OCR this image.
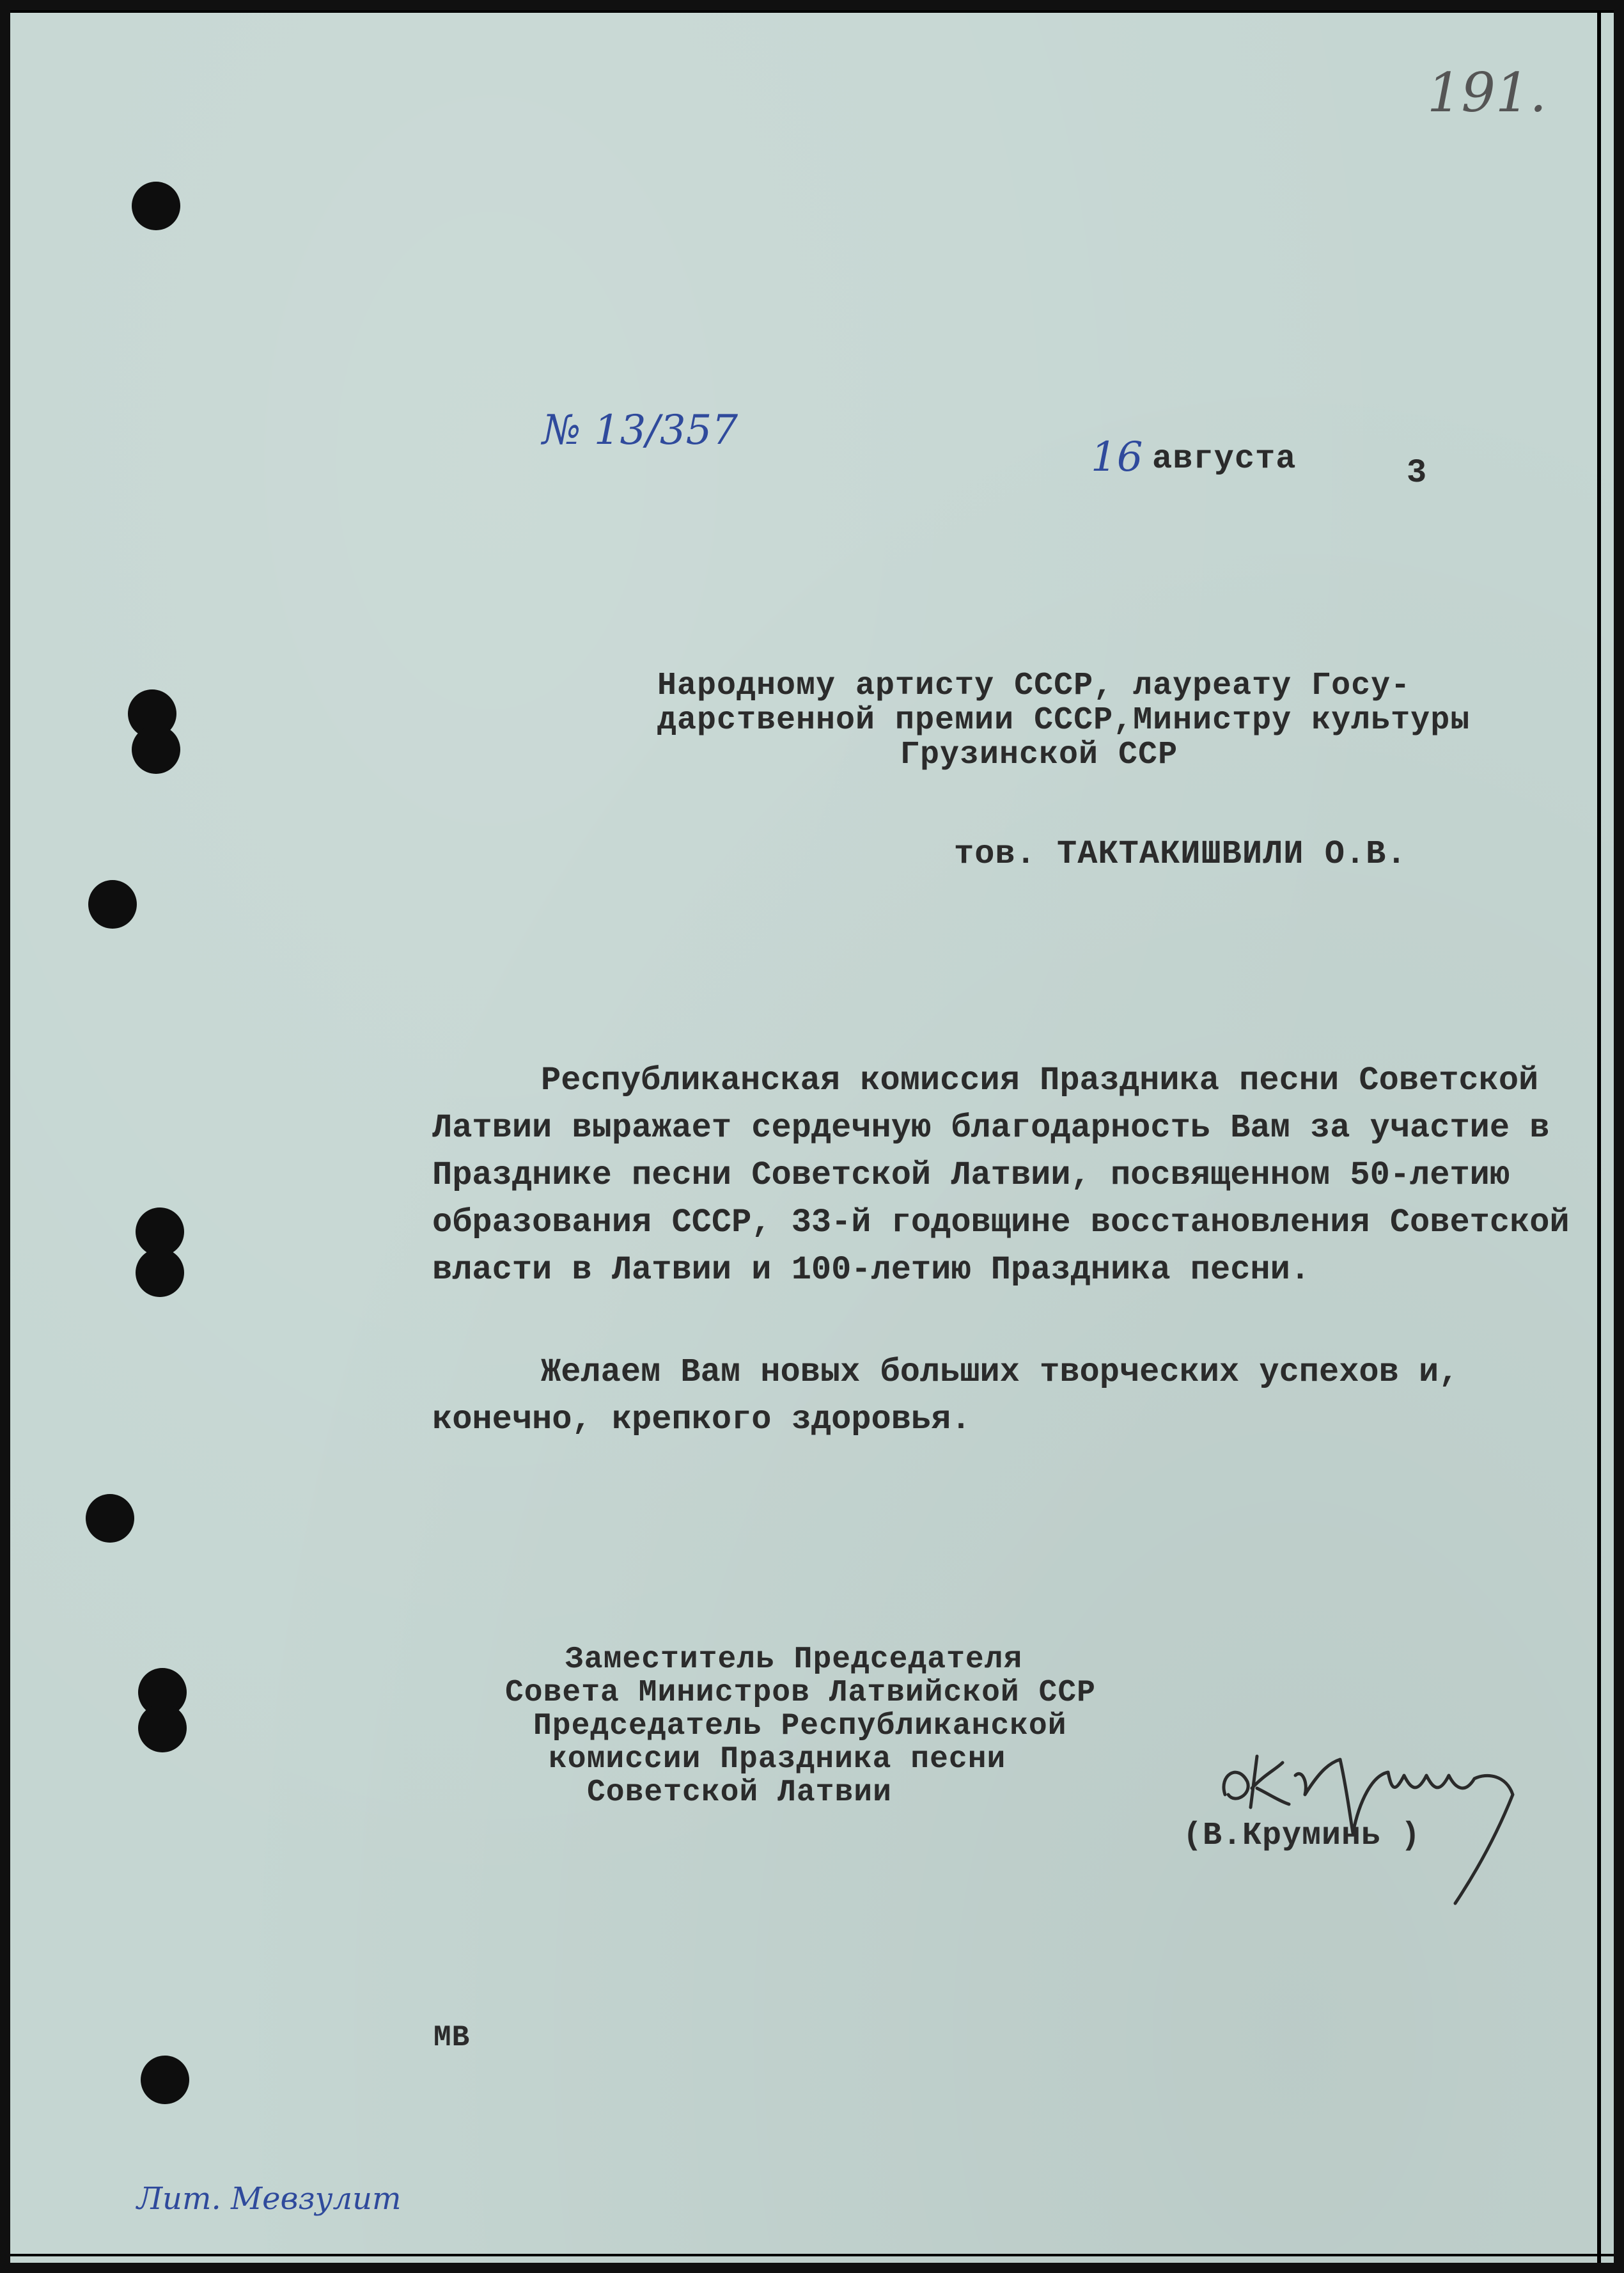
191.
№ 13/357
16 августа	3
Народному артисту СССР, лауреату Госу-
дарственной премии СССР,Министру культуры
Грузинской ССР
тов. ТАКТАКИШВИЛИ О.В.
Республиканская комиссия Праздника песни Советской
Латвии выражает сердечную благодарность Вам за участие в
Празднике песни Советской Латвии, посвященном 50-летию
образования СССР, 33-й годовщине восстановления Советской
власти в Латвии и 100-летию Праздника песни.
Желаем Вам новых больших творческих успехов и,
конечно, крепкого здоровья.
Заместитель Председателя
Совета Министров Латвийской ССР
Председатель Республиканской
комиссии Праздника песни
Советской Латвии
(В.Круминь )
МВ
Лит. Мевзулит
